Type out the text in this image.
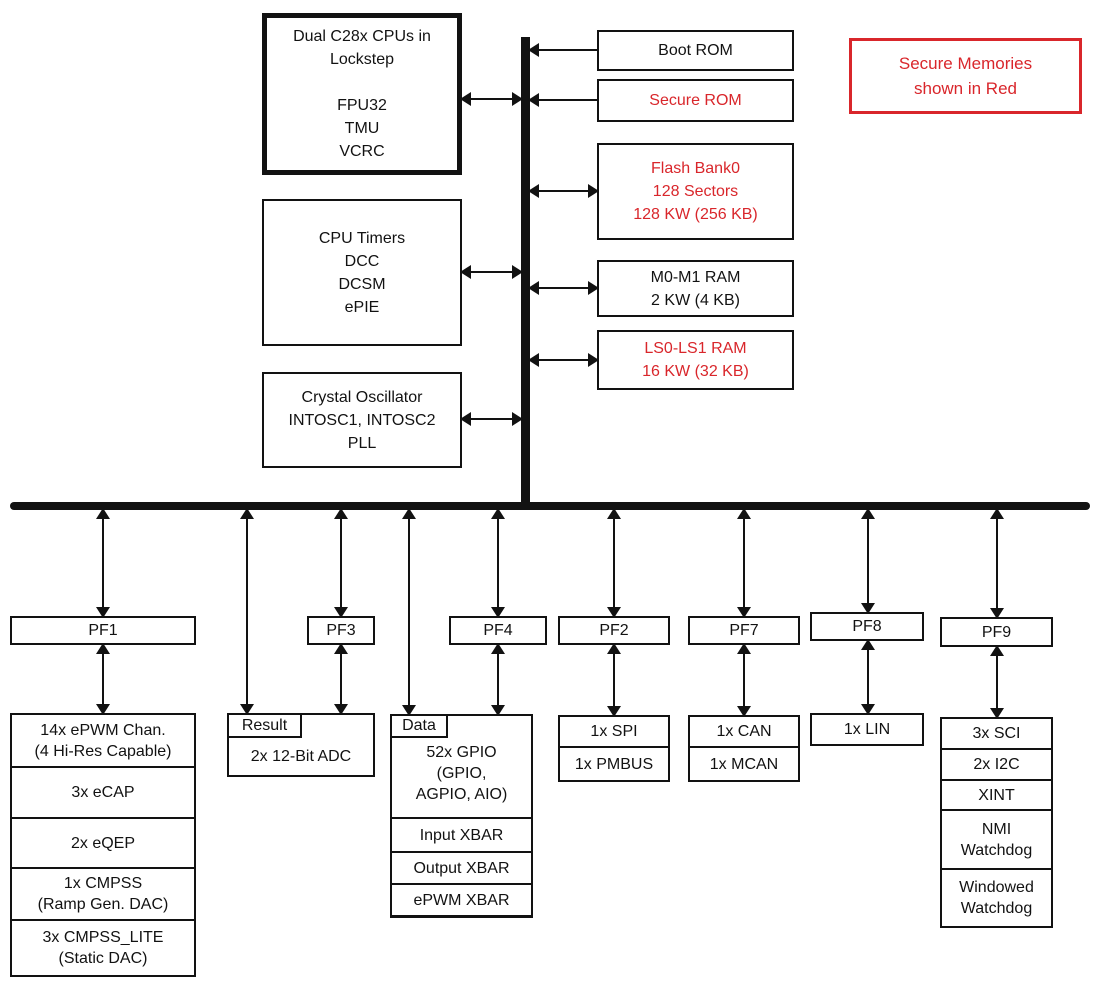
Dual C28x CPUs in
Lockstep
FPU32
TMU
VCRC
CPU Timers
DCC
DCSM
ePIE
Crystal Oscillator
INTOSC1, INTOSC2
PLL
Boot ROM
Secure ROM
Flash Bank0
128 Sectors
128 KW (256 KB)
M0-M1 RAM
2 KW (4 KB)
LS0-LS1 RAM
16 KW (32 KB)
Secure Memories
shown in Red
PF1	PF3	PF4	PF2	PF7	PF8	PF9
14x ePWM Chan.
(4 Hi-Res Capable)
3x eCAP
2x eQEP
1x CMPSS
(Ramp Gen. DAC)
3x CMPSS_LITE
(Static DAC)
Result
2x 12-Bit ADC
Data
52x GPIO
(GPIO,
AGPIO, AIO)
Input XBAR
Output XBAR
ePWM XBAR
1x SPI
1x PMBUS
1x CAN
1x MCAN
1x LIN	3x SCI
2x I2C
XINT
NMI
Watchdog
Windowed
Watchdog
